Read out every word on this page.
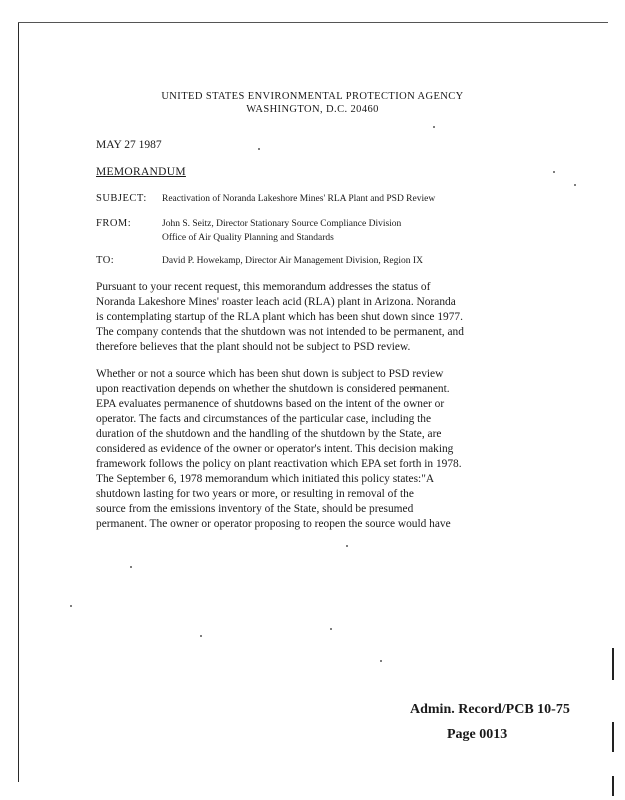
UNITED STATES ENVIRONMENTAL PROTECTION AGENCY
WASHINGTON, D.C. 20460
MAY 27 1987
MEMORANDUM
SUBJECT: Reactivation of Noranda Lakeshore Mines' RLA Plant and PSD Review
FROM:	John S. Seitz, Director Stationary Source Compliance Division
Office of Air Quality Planning and Standards
TO:	David P. Howekamp, Director Air Management Division, Region IX
Pursuant to your recent request, this memorandum addresses the status of
Noranda Lakeshore Mines' roaster leach acid (RLA) plant in Arizona. Noranda
is contemplating startup of the RLA plant which has been shut down since 1977.
The company contends that the shutdown was not intended to be permanent, and
therefore believes that the plant should not be subject to PSD review.
Whether or not a source which has been shut down is subject to PSD review
upon reactivation depends on whether the shutdown is considered permanent.
EPA evaluates permanence of shutdowns based on the intent of the owner or
operator. The facts and circumstances of the particular case, including the
duration of the shutdown and the handling of the shutdown by the State, are
considered as evidence of the owner or operator's intent. This decision making
framework follows the policy on plant reactivation which EPA set forth in 1978.
The September 6, 1978 memorandum which initiated this policy states:"A
shutdown lasting for two years or more, or resulting in removal of the
source from the emissions inventory of the State, should be presumed
permanent. The owner or operator proposing to reopen the source would have
Admin. Record/PCB 10-75
Page 0013
